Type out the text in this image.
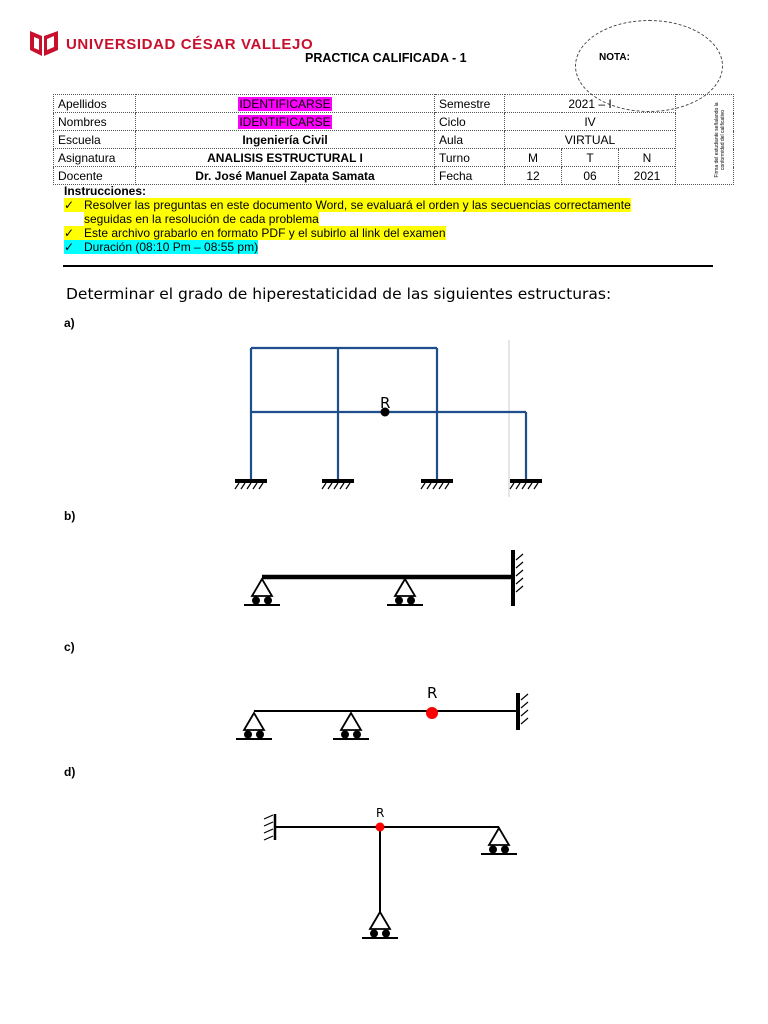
UNIVERSIDAD CÉSAR VALLEJO
PRACTICA CALIFICADA - 1	NOTA:
Apellidos	IDENTIFICARSE	Semestre	2021 – I			Firma del estudiante señalando la conformidad del calificativo
Nombres	IDENTIFICARSE	Ciclo	IV			
Escuela	Ingeniería Civil	Aula	VIRTUAL			
Asignatura	ANALISIS ESTRUCTURAL I	Turno	M	T	N	
Docente	Dr. José Manuel Zapata Samata	Fecha	12	06	2021	
Instrucciones:
✓ Resolver las preguntas en este documento Word, se evaluará el orden y las secuencias correctamente
seguidas en la resolución de cada problema
✓ Este archivo grabarlo en formato PDF y el subirlo al link del examen
✓ Duración (08:10 Pm – 08:55 pm)
Determinar el grado de hiperestaticidad de las siguientes estructuras:
a)
b)
c)
d)
R
R
R
